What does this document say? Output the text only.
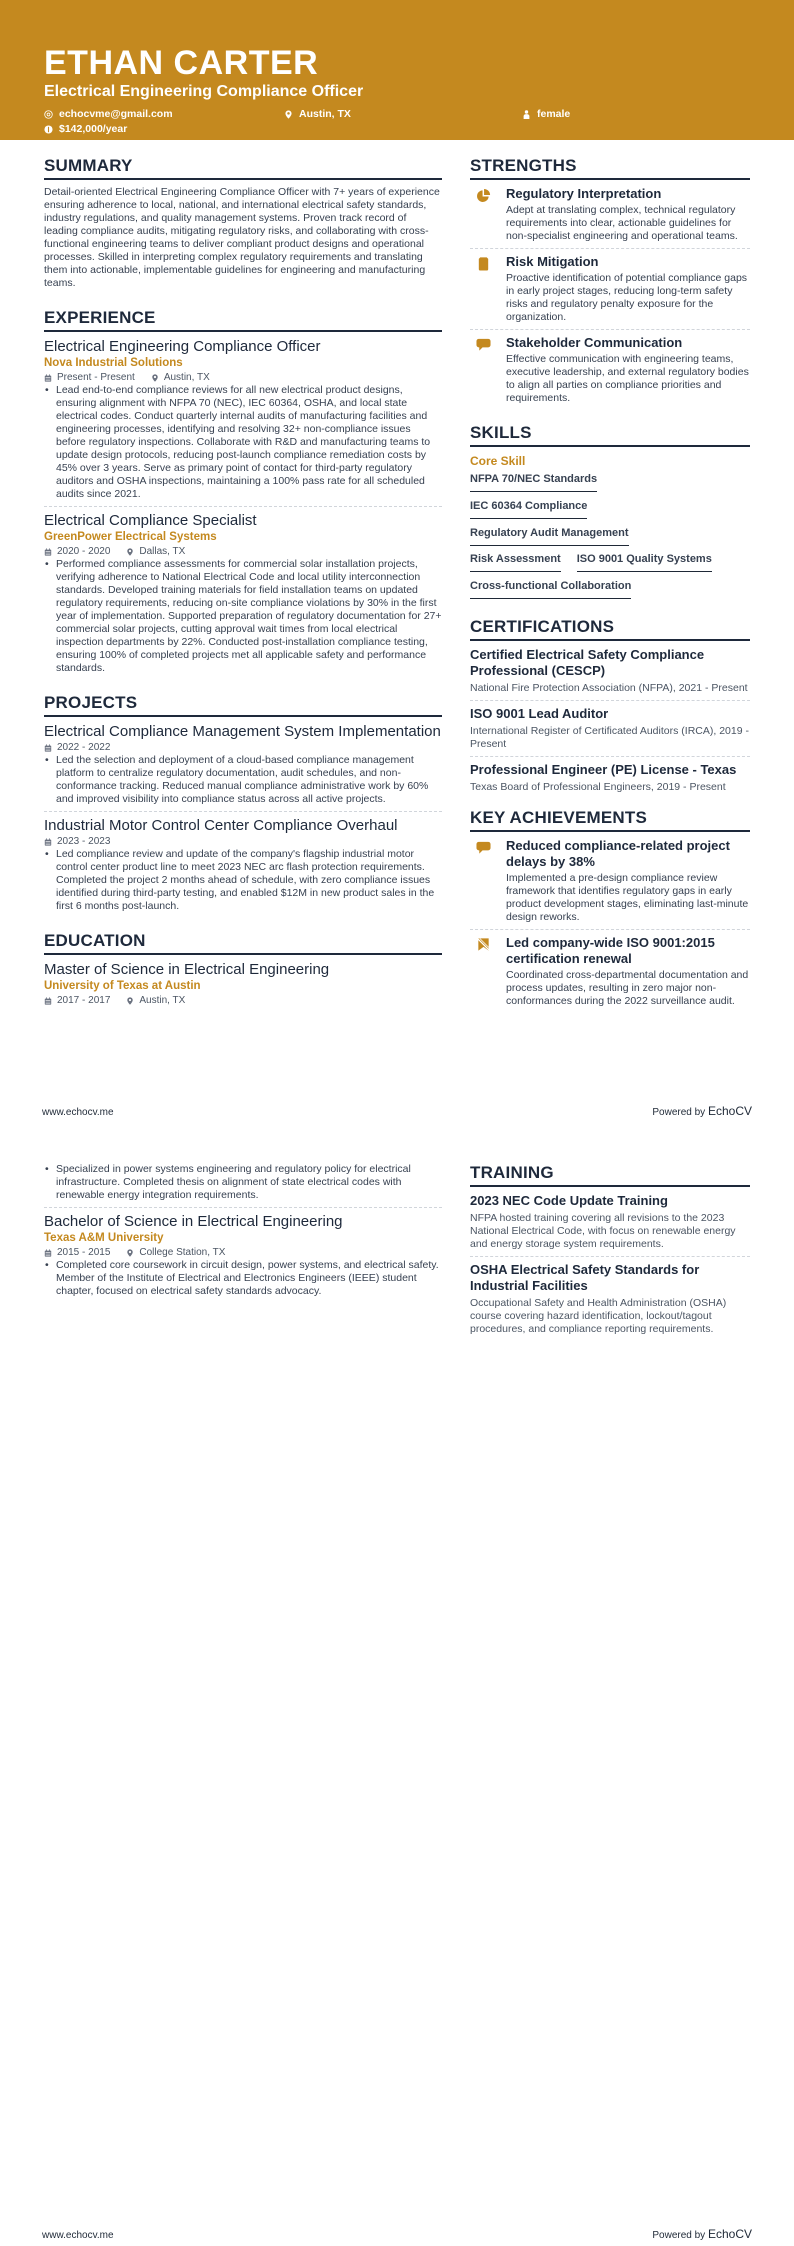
ETHAN CARTER
Electrical Engineering Compliance Officer
echocvme@gmail.com	Austin, TX	female
$142,000/year
SUMMARY

Detail-oriented Electrical Engineering Compliance Officer with 7+ years of experience ensuring adherence to local, national, and international electrical safety standards, industry regulations, and quality management systems. Proven track record of leading compliance audits, mitigating regulatory risks, and collaborating with cross-functional engineering teams to deliver compliant product designs and operational processes. Skilled in interpreting complex regulatory requirements and translating them into actionable, implementable guidelines for engineering and manufacturing teams.

EXPERIENCE
Electrical Engineering Compliance Officer
Nova Industrial Solutions
Present - Present	Austin, TX
• Lead end-to-end compliance reviews for all new electrical product designs, ensuring alignment with NFPA 70 (NEC), IEC 60364, OSHA, and local state electrical codes. Conduct quarterly internal audits of manufacturing facilities and engineering processes, identifying and resolving 32+ non-compliance issues before regulatory inspections. Collaborate with R&D and manufacturing teams to update design protocols, reducing post-launch compliance remediation costs by 45% over 3 years. Serve as primary point of contact for third-party regulatory auditors and OSHA inspections, maintaining a 100% pass rate for all scheduled audits since 2021.
Electrical Compliance Specialist
GreenPower Electrical Systems
2020 - 2020	Dallas, TX
• Performed compliance assessments for commercial solar installation projects, verifying adherence to National Electrical Code and local utility interconnection standards. Developed training materials for field installation teams on updated regulatory requirements, reducing on-site compliance violations by 30% in the first year of implementation. Supported preparation of regulatory documentation for 27+ commercial solar projects, cutting approval wait times from local electrical inspection departments by 22%. Conducted post-installation compliance testing, ensuring 100% of completed projects met all applicable safety and performance standards.
PROJECTS
Electrical Compliance Management System Implementation
2022 - 2022
• Led the selection and deployment of a cloud-based compliance management platform to centralize regulatory documentation, audit schedules, and non-conformance tracking. Reduced manual compliance administrative work by 60% and improved visibility into compliance status across all active projects.
Industrial Motor Control Center Compliance Overhaul
2023 - 2023
• Led compliance review and update of the company's flagship industrial motor control center product line to meet 2023 NEC arc flash protection requirements. Completed the project 2 months ahead of schedule, with zero compliance issues identified during third-party testing, and enabled $12M in new product sales in the first 6 months post-launch.
EDUCATION
Master of Science in Electrical Engineering
University of Texas at Austin
2017 - 2017	Austin, TX
STRENGTHS
Regulatory Interpretation
Adept at translating complex, technical regulatory requirements into clear, actionable guidelines for non-specialist engineering and operational teams.
Risk Mitigation
Proactive identification of potential compliance gaps in early project stages, reducing long-term safety risks and regulatory penalty exposure for the organization.
Stakeholder Communication
Effective communication with engineering teams, executive leadership, and external regulatory bodies to align all parties on compliance priorities and requirements.
SKILLS
Core Skill
NFPA 70/NEC Standards
IEC 60364 Compliance
Regulatory Audit Management
Risk Assessment ISO 9001 Quality Systems
Cross-functional Collaboration
CERTIFICATIONS
Certified Electrical Safety Compliance Professional (CESCP)
National Fire Protection Association (NFPA), 2021 - Present
ISO 9001 Lead Auditor
International Register of Certificated Auditors (IRCA), 2019 - Present
Professional Engineer (PE) License - Texas
Texas Board of Professional Engineers, 2019 - Present
KEY ACHIEVEMENTS
Reduced compliance-related project delays by 38%
Implemented a pre-design compliance review framework that identifies regulatory gaps in early product development stages, eliminating last-minute design reworks.
Led company-wide ISO 9001:2015 certification renewal
Coordinated cross-departmental documentation and process updates, resulting in zero major non-conformances during the 2022 surveillance audit.
www.echocv.me	Powered by EchoCV
• Specialized in power systems engineering and regulatory policy for electrical infrastructure. Completed thesis on alignment of state electrical codes with renewable energy integration requirements.
Bachelor of Science in Electrical Engineering
Texas A&M University
2015 - 2015	College Station, TX
• Completed core coursework in circuit design, power systems, and electrical safety. Member of the Institute of Electrical and Electronics Engineers (IEEE) student chapter, focused on electrical safety standards advocacy.
TRAINING
2023 NEC Code Update Training
NFPA hosted training covering all revisions to the 2023 National Electrical Code, with focus on renewable energy and energy storage system requirements.
OSHA Electrical Safety Standards for Industrial Facilities
Occupational Safety and Health Administration (OSHA) course covering hazard identification, lockout/tagout procedures, and compliance reporting requirements.
www.echocv.me	Powered by EchoCV
